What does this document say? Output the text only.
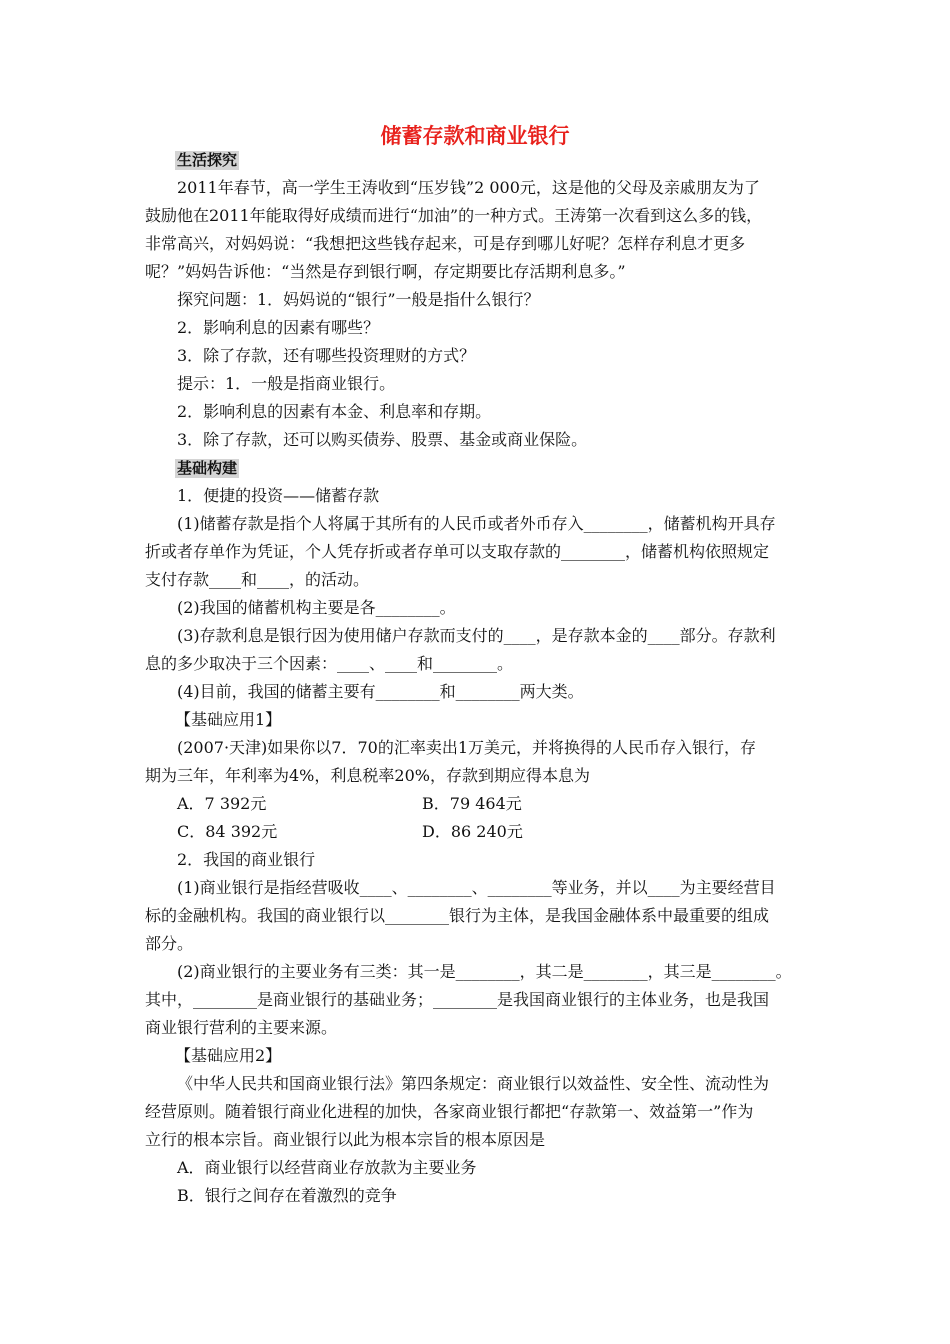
储蓄存款和商业银行
生活探究

2011年春节，高一学生王涛收到“压岁钱”2 000元，这是他的父母及亲戚朋友为了

鼓励他在2011年能取得好成绩而进行“加油”的一种方式。王涛第一次看到这么多的钱，

非常高兴，对妈妈说：“我想把这些钱存起来，可是存到哪儿好呢？怎样存利息才更多

呢？”妈妈告诉他：“当然是存到银行啊，存定期要比存活期利息多。”

探究问题：1．妈妈说的“银行”一般是指什么银行？

2．影响利息的因素有哪些？

3．除了存款，还有哪些投资理财的方式？

提示：1．一般是指商业银行。

2．影响利息的因素有本金、利息率和存期。

3．除了存款，还可以购买债券、股票、基金或商业保险。

基础构建

1．便捷的投资——储蓄存款

(1)储蓄存款是指个人将属于其所有的人民币或者外币存入________，储蓄机构开具存

折或者存单作为凭证，个人凭存折或者存单可以支取存款的________，储蓄机构依照规定

支付存款____和____，的活动。

(2)我国的储蓄机构主要是各________。

(3)存款利息是银行因为使用储户存款而支付的____，是存款本金的____部分。存款利

息的多少取决于三个因素：____、____和________。

(4)目前，我国的储蓄主要有________和________两大类。

【基础应用1】

(2007·天津)如果你以7．70的汇率卖出1万美元，并将换得的人民币存入银行，存

期为三年，年利率为4%，利息税率20%，存款到期应得本息为

A．7 392元	B．79 464元
C．84 392元	D．86 240元

2．我国的商业银行

(1)商业银行是指经营吸收____、________、________等业务，并以____为主要经营目

标的金融机构。我国的商业银行以________银行为主体，是我国金融体系中最重要的组成

部分。

(2)商业银行的主要业务有三类：其一是________，其二是________，其三是________。

其中，________是商业银行的基础业务；________是我国商业银行的主体业务，也是我国

商业银行营利的主要来源。

【基础应用2】

《中华人民共和国商业银行法》第四条规定：商业银行以效益性、安全性、流动性为

经营原则。随着银行商业化进程的加快，各家商业银行都把“存款第一、效益第一”作为

立行的根本宗旨。商业银行以此为根本宗旨的根本原因是

A．商业银行以经营商业存放款为主要业务

B．银行之间存在着激烈的竞争
